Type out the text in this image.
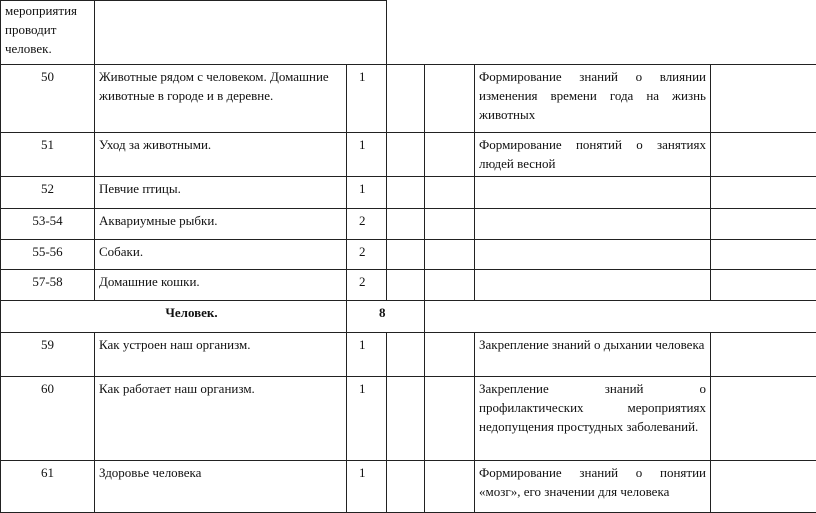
мероприятия проводит человек.						
50	Животные рядом с человеком. Домашние животные в городе и в деревне.	1			Формирование знаний о влиянии изменения времени года на жизнь животных	
51	Уход за животными.	1			Формирование понятий о занятиях людей весной	
52	Певчие птицы.	1				
53-54	Аквариумные рыбки.	2				
55-56	Собаки.	2				
57-58	Домашние кошки.	2				
Человек.		8				
59	Как устроен наш организм.	1			Закрепление знаний о дыхании человека	
60	Как работает наш организм.	1			Закрепление знаний о профилактических мероприятиях недопущения простудных заболеваний.	
61	Здоровье человека	1			Формирование знаний о понятии «мозг», его значении для человека	
